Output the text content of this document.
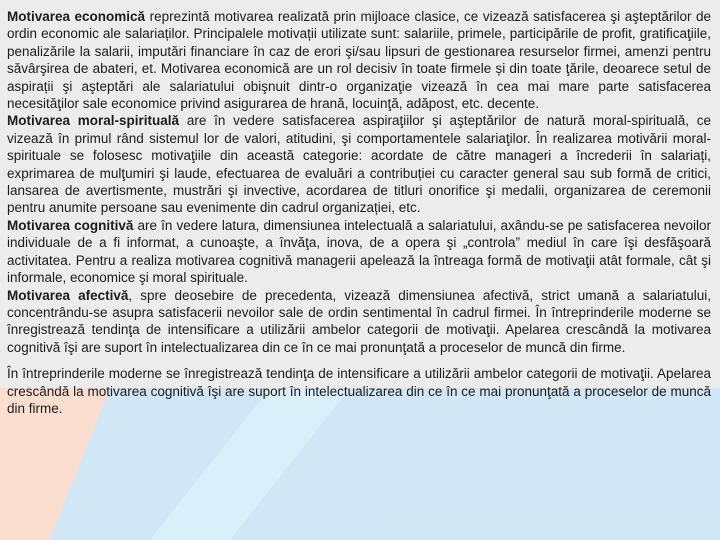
Motivarea economică reprezintă motivarea realizată prin mijloace clasice, ce vizează satisfacerea şi aşteptărilor de ordin economic ale salariaților. Principalele motivații utilizate sunt: salariile, primele, participările de profit, gratificaţiile, penalizările la salarii, imputări financiare în caz de erori şi/sau lipsuri de gestionarea resurselor firmei, amenzi pentru săvârşirea de abateri, et. Motivarea economică are un rol decisiv în toate firmele și din toate ţările, deoarece setul de aspirații şi aşteptări ale salariatului obişnuit dintr-o organizaţie vizează în cea mai mare parte satisfacerea necesităţilor sale economice privind asigurarea de hrană, locuinţă, adăpost, etc. decente.

Motivarea moral-spirituală are în vedere satisfacerea aspiraţiilor şi aşteptărilor de natură moral-spirituală, ce vizează în primul rând sistemul lor de valori, atitudini, şi comportamentele salariaţilor. În realizarea motivării moral-spirituale se folosesc motivaţiile din această categorie: acordate de către manageri a încrederii în salariați, exprimarea de mulţumiri şi laude, efectuarea de evaluări a contribuției cu caracter general sau sub formă de critici, lansarea de avertismente, mustrări şi invective, acordarea de titluri onorifice şi medalii, organizarea de ceremonii pentru anumite persoane sau evenimente din cadrul organizației, etc.

Motivarea cognitivă are în vedere latura, dimensiunea intelectuală a salariatului, axându-se pe satisfacerea nevoilor individuale de a fi informat, a cunoaşte, a învăţa, inova, de a opera şi „controla” mediul în care îşi desfăşoară activitatea. Pentru a realiza motivarea cognitivă managerii apelează la întreaga formă de motivaţii atât formale, cât şi informale, economice şi moral spirituale.

Motivarea afectivă, spre deosebire de precedenta, vizează dimensiunea afectivă, strict umană a salariatului, concentrându-se asupra satisfacerii nevoilor sale de ordin sentimental în cadrul firmei. În întreprinderile moderne se înregistrează tendinţa de intensificare a utilizării ambelor categorii de motivaţii. Apelarea crescândă la motivarea cognitivă îşi are suport în intelectualizarea din ce în ce mai pronunţată a proceselor de muncă din firme.

În întreprinderile moderne se înregistrează tendinţa de intensificare a utilizării ambelor categorii de motivaţii. Apelarea crescândă la motivarea cognitivă îşi are suport în intelectualizarea din ce în ce mai pronunţată a proceselor de muncă din firme.
